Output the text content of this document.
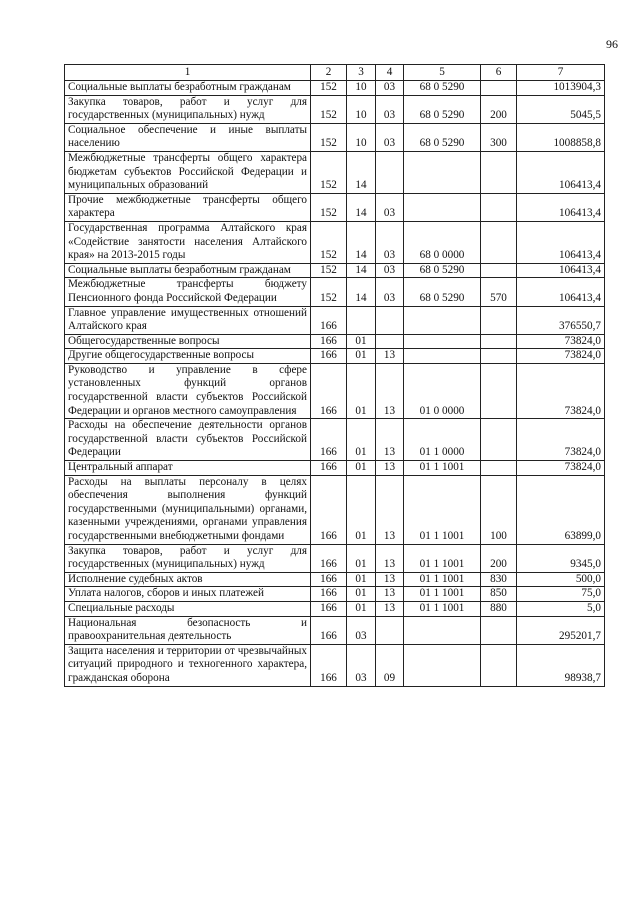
96
1	2	3	4	5	6	7
Социальные выплаты безработным гражданам	152	10	03	68 0 5290		1013904,3
Закупка товаров, работ и услуг для государственных (муниципальных) нужд	152	10	03	68 0 5290	200	5045,5
Социальное обеспечение и иные выплаты населению	152	10	03	68 0 5290	300	1008858,8
Межбюджетные трансферты общего характера бюджетам субъектов Российской Федерации и муниципальных образований	152	14				106413,4
Прочие межбюджетные трансферты общего характера	152	14	03			106413,4
Государственная программа Алтайского края «Содействие занятости населения Алтайского края» на 2013-2015 годы	152	14	03	68 0 0000		106413,4
Социальные выплаты безработным гражданам	152	14	03	68 0 5290		106413,4
Межбюджетные трансферты бюджету Пенсионного фонда Российской Федерации	152	14	03	68 0 5290	570	106413,4
Главное управление имущественных отношений Алтайского края	166					376550,7
Общегосударственные вопросы	166	01				73824,0
Другие общегосударственные вопросы	166	01	13			73824,0
Руководство и управление в сфере установленных функций органов государственной власти субъектов Российской Федерации и органов местного самоуправления	166	01	13	01 0 0000		73824,0
Расходы на обеспечение деятельности органов государственной власти субъектов Российской Федерации	166	01	13	01 1 0000		73824,0
Центральный аппарат	166	01	13	01 1 1001		73824,0
Расходы на выплаты персоналу в целях обеспечения выполнения функций государственными (муниципальными) органами, казенными учреждениями, органами управления государственными внебюджетными фондами	166	01	13	01 1 1001	100	63899,0
Закупка товаров, работ и услуг для государственных (муниципальных) нужд	166	01	13	01 1 1001	200	9345,0
Исполнение судебных актов	166	01	13	01 1 1001	830	500,0
Уплата налогов, сборов и иных платежей	166	01	13	01 1 1001	850	75,0
Специальные расходы	166	01	13	01 1 1001	880	5,0
Национальная безопасность и правоохранительная деятельность	166	03				295201,7
Защита населения и территории от чрезвычайных ситуаций природного и техногенного характера, гражданская оборона	166	03	09			98938,7
